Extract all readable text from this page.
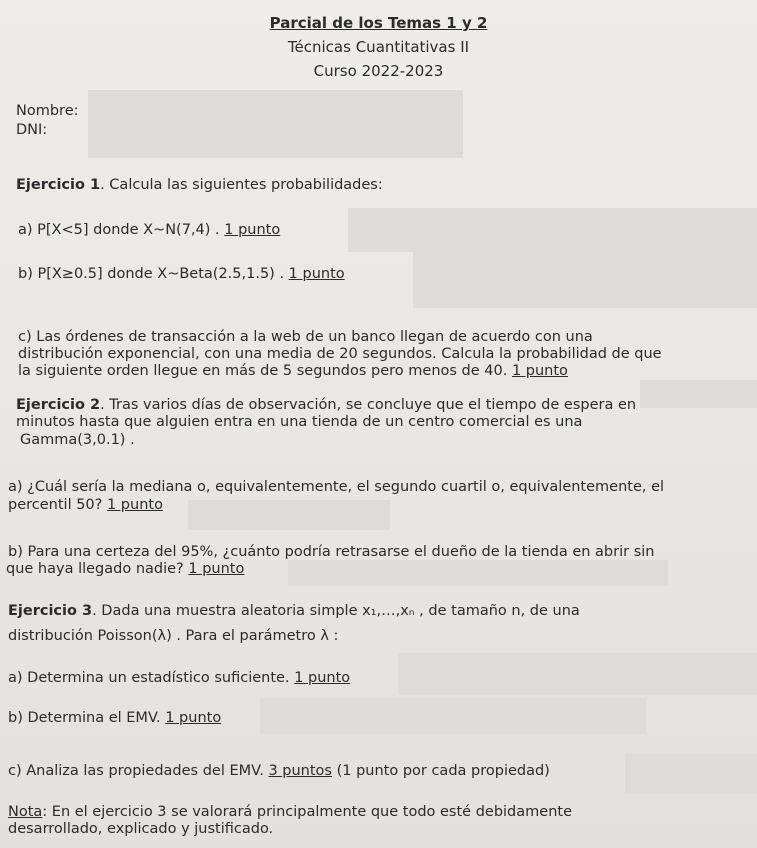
Parcial de los Temas 1 y 2
Técnicas Cuantitativas II
Curso 2022-2023
Nombre:
DNI:
Ejercicio 1. Calcula las siguientes probabilidades:
a) P[X<5] donde X~N(7,4) . 1 punto
b) P[X≥0.5] donde X~Beta(2.5,1.5) . 1 punto
c) Las órdenes de transacción a la web de un banco llegan de acuerdo con una
distribución exponencial, con una media de 20 segundos. Calcula la probabilidad de que
la siguiente orden llegue en más de 5 segundos pero menos de 40. 1 punto
Ejercicio 2. Tras varios días de observación, se concluye que el tiempo de espera en
minutos hasta que alguien entra en una tienda de un centro comercial es una
Gamma(3,0.1) .
a) ¿Cuál sería la mediana o, equivalentemente, el segundo cuartil o, equivalentemente, el
percentil 50? 1 punto
b) Para una certeza del 95%, ¿cuánto podría retrasarse el dueño de la tienda en abrir sin
que haya llegado nadie? 1 punto
Ejercicio 3. Dada una muestra aleatoria simple x₁,…,xₙ , de tamaño n, de una
distribución Poisson(λ) . Para el parámetro λ :
a) Determina un estadístico suficiente. 1 punto
b) Determina el EMV. 1 punto
c) Analiza las propiedades del EMV. 3 puntos (1 punto por cada propiedad)
Nota: En el ejercicio 3 se valorará principalmente que todo esté debidamente
desarrollado, explicado y justificado.
